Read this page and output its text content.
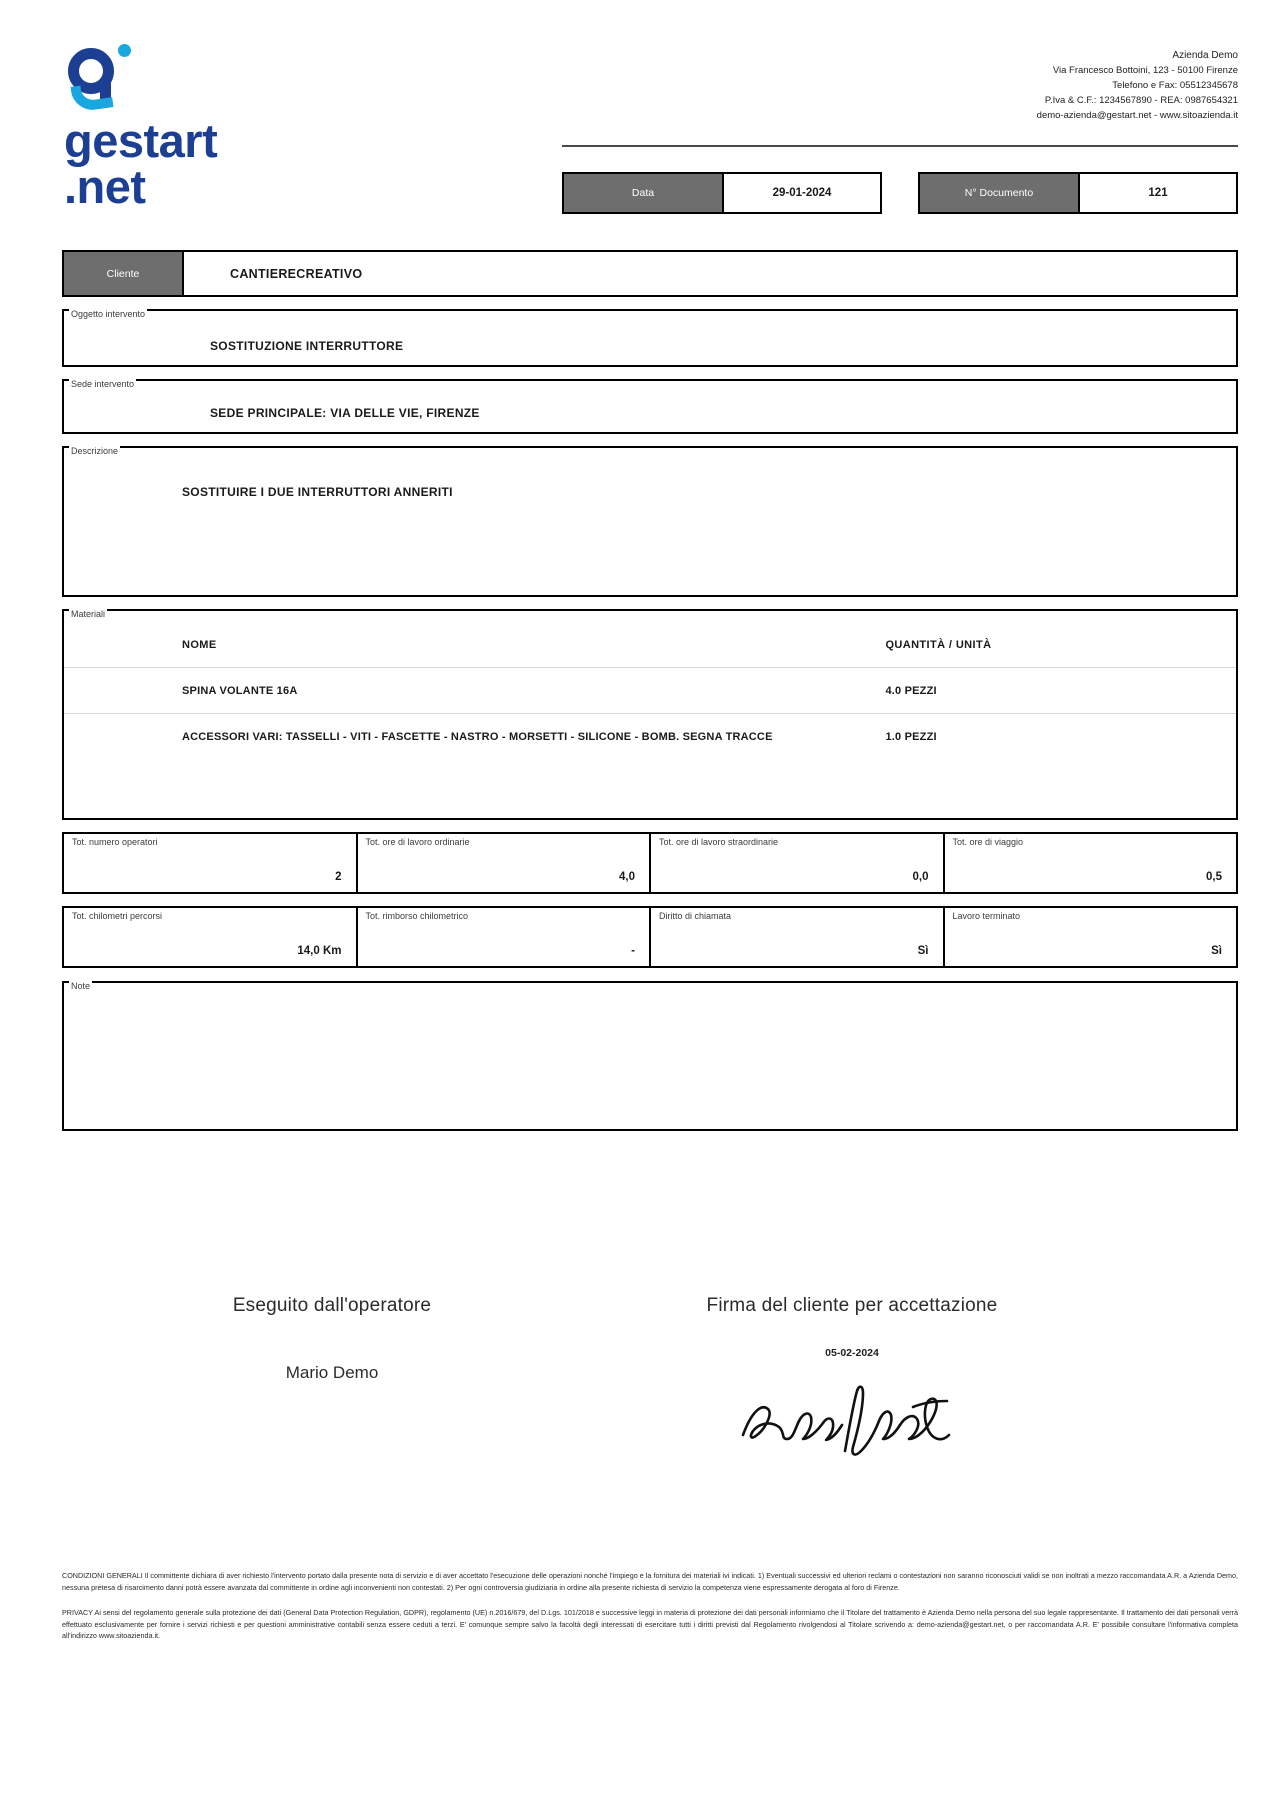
gestart
.net
Azienda Demo
Via Francesco Bottoini, 123 - 50100 Firenze
Telefono e Fax: 05512345678
P.Iva & C.F.: 1234567890 - REA: 0987654321
demo-azienda@gestart.net - www.sitoazienda.it
Data	29-01-2024	N° Documento	121
Cliente	CANTIERECREATIVO
Oggetto intervento
SOSTITUZIONE INTERRUTTORE
Sede intervento
SEDE PRINCIPALE: VIA DELLE VIE, FIRENZE
Descrizione
SOSTITUIRE I DUE INTERRUTTORI ANNERITI
Materiali
NOME	QUANTITÀ / UNITÀ
SPINA VOLANTE 16A	4.0 PEZZI
ACCESSORI VARI: TASSELLI - VITI - FASCETTE - NASTRO - MORSETTI - SILICONE - BOMB. SEGNA TRACCE	1.0 PEZZI
Tot. numero operatori
2
Tot. ore di lavoro ordinarie
4,0
Tot. ore di lavoro straordinarie
0,0
Tot. ore di viaggio
0,5
Tot. chilometri percorsi
14,0 Km
Tot. rimborso chilometrico
-
Diritto di chiamata
Sì
Lavoro terminato
Sì
Note
Eseguito dall'operatore
Mario Demo
Firma del cliente per accettazione
05-02-2024

CONDIZIONI GENERALI Il committente dichiara di aver richiesto l'intervento portato dalla presente nota di servizio e di aver accettato l'esecuzione delle operazioni nonché l'impiego e la fornitura dei materiali ivi indicati. 1) Eventuali successivi ed ulteriori reclami o contestazioni non saranno riconosciuti validi se non inoltrati a mezzo raccomandata A.R. a Azienda Demo, nessuna pretesa di risarcimento danni potrà essere avanzata dal committente in ordine agli inconvenienti non contestati. 2) Per ogni controversia giudiziaria in ordine alla presente richiesta di servizio la competenza viene espressamente derogata al foro di Firenze.

PRIVACY Ai sensi del regolamento generale sulla protezione dei dati (General Data Protection Regulation, GDPR), regolamento (UE) n.2016/679, del D.Lgs. 101/2018 e successive leggi in materia di protezione dei dati personali informiamo che il Titolare del trattamento è Azienda Demo nella persona del suo legale rappresentante. Il trattamento dei dati personali verrà effettuato esclusivamente per fornire i servizi richiesti e per questioni amministrative contabili senza essere ceduti a terzi. E' comunque sempre salvo la facoltà degli interessati di esercitare tutti i diritti previsti dal Regolamento rivolgendosi al Titolare scrivendo a: demo-azienda@gestart.net, o per raccomandata A.R. E' possibile consultare l'informativa completa all'indirizzo www.sitoazienda.it.
